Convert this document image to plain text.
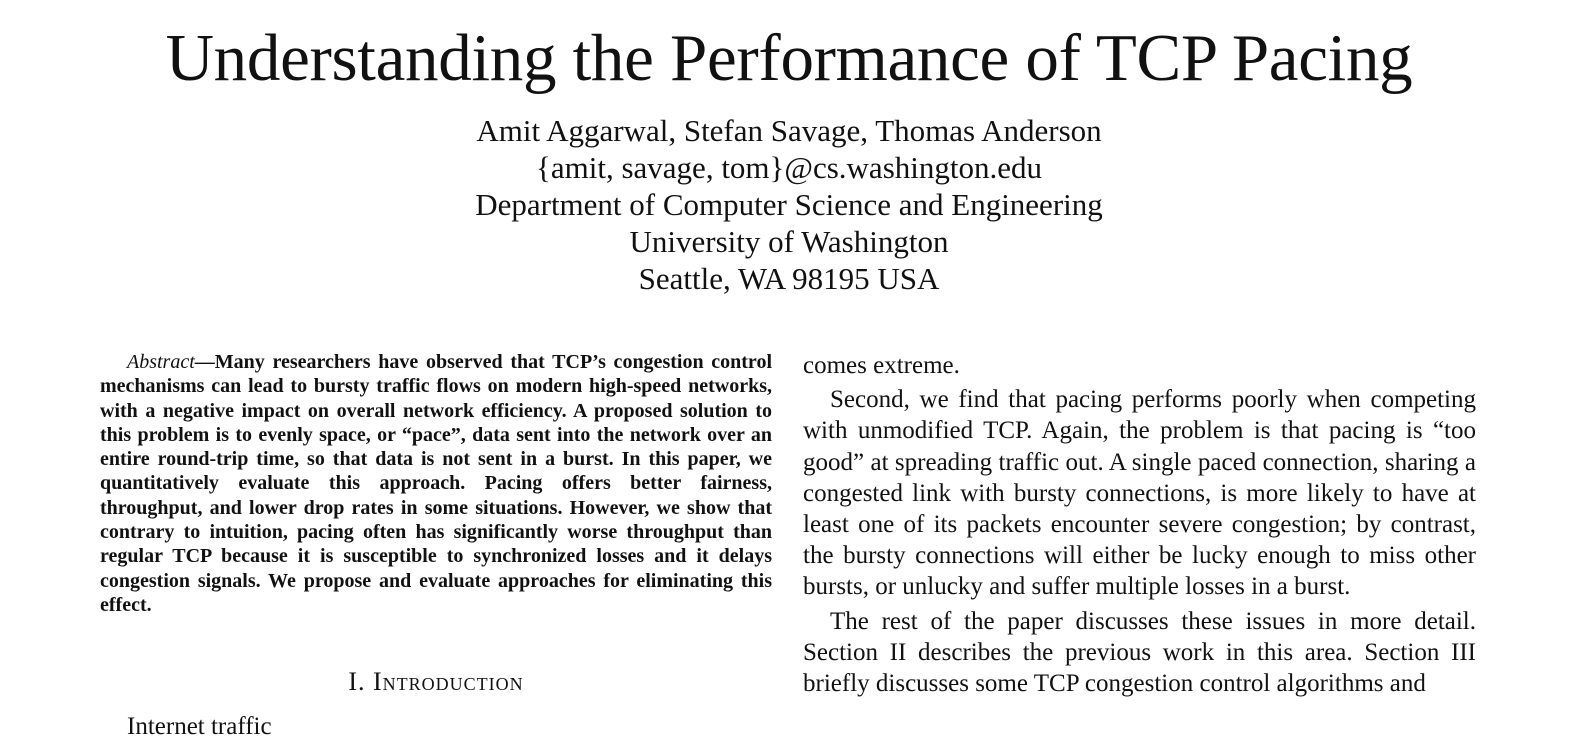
Understanding the Performance of TCP Pacing
Amit Aggarwal, Stefan Savage, Thomas Anderson
{amit, savage, tom}@cs.washington.edu
Department of Computer Science and Engineering
University of Washington
Seattle, WA 98195 USA

Abstract—Many researchers have observed that TCP’s congestion control mechanisms can lead to bursty traffic flows on modern high-speed networks, with a negative impact on overall network efficiency. A proposed solution to this problem is to evenly space, or “pace”, data sent into the network over an entire round-trip time, so that data is not sent in a burst. In this paper, we quantitatively evaluate this approach. Pacing offers better fairness, throughput, and lower drop rates in some situations. However, we show that contrary to intuition, pacing often has significantly worse throughput than regular TCP because it is susceptible to synchronized losses and it delays congestion signals. We propose and evaluate approaches for eliminating this effect.

I. Introduction

Internet traffic

comes extreme.

Second, we find that pacing performs poorly when competing with unmodified TCP. Again, the problem is that pacing is “too good” at spreading traffic out. A single paced connection, sharing a congested link with bursty connections, is more likely to have at least one of its packets encounter severe congestion; by contrast, the bursty connections will either be lucky enough to miss other bursts, or unlucky and suffer multiple losses in a burst.

The rest of the paper discusses these issues in more detail. Section II describes the previous work in this area. Section III briefly discusses some TCP congestion control algorithms and
